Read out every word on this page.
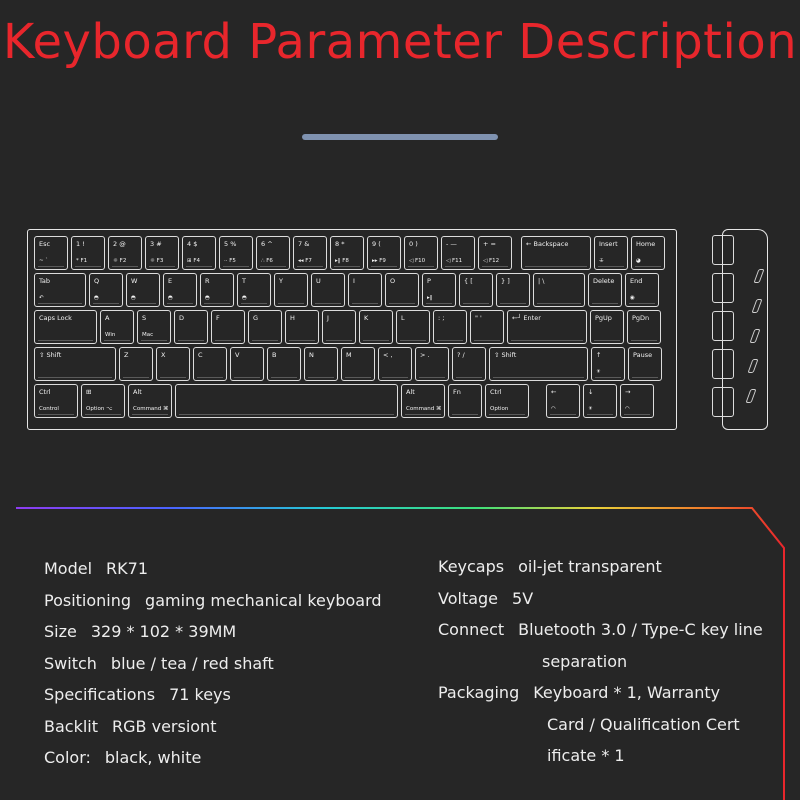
Keyboard Parameter Description
Esc
~ `
1 !
* F1
2 @
☼ F2
3 #
☼ F3
4 $
⊞ F4
5 %
·· F5
6 ^
∴ F6
7 &
◂◂ F7
8 *
▸‖ F8
9 (
▸▸ F9
0 )
◁ F10
- —
◁ F11
+ =
◁ F12
← Backspace	Insert
⁜
Home
◕
Tab
↶
Q
◓
W
◓
E
◓
R
◓
T
◓
Y	U	I	O	P
▸‖
{ [	} ]	| \	Delete End
◉
Caps Lock	A
Win
S
Mac
D	F	G	H	J	K	L	: ;	" '	←┘ Enter	PgUp	PgDn
⇧ Shift	Z	X	C	V	B	N	M	< ,	> .	? /	⇧ Shift	↑
☀
Pause
Ctrl
Control
⊞
Option ⌥
Alt
Command ⌘
Alt
Command ⌘
Fn	Ctrl
Option
←
◠
↓
☀
→
◠
Model RK71
Positioning gaming mechanical keyboard
Size 329 * 102 * 39MM
Switch blue / tea / red shaft
Specifications 71 keys
Backlit RGB versiont
Color: black, white
Keycaps oil-jet transparent
Voltage 5V
Connect Bluetooth 3.0 / Type-C key line
separation
Packaging Keyboard * 1, Warranty
Card / Qualification Cert
ificate * 1
